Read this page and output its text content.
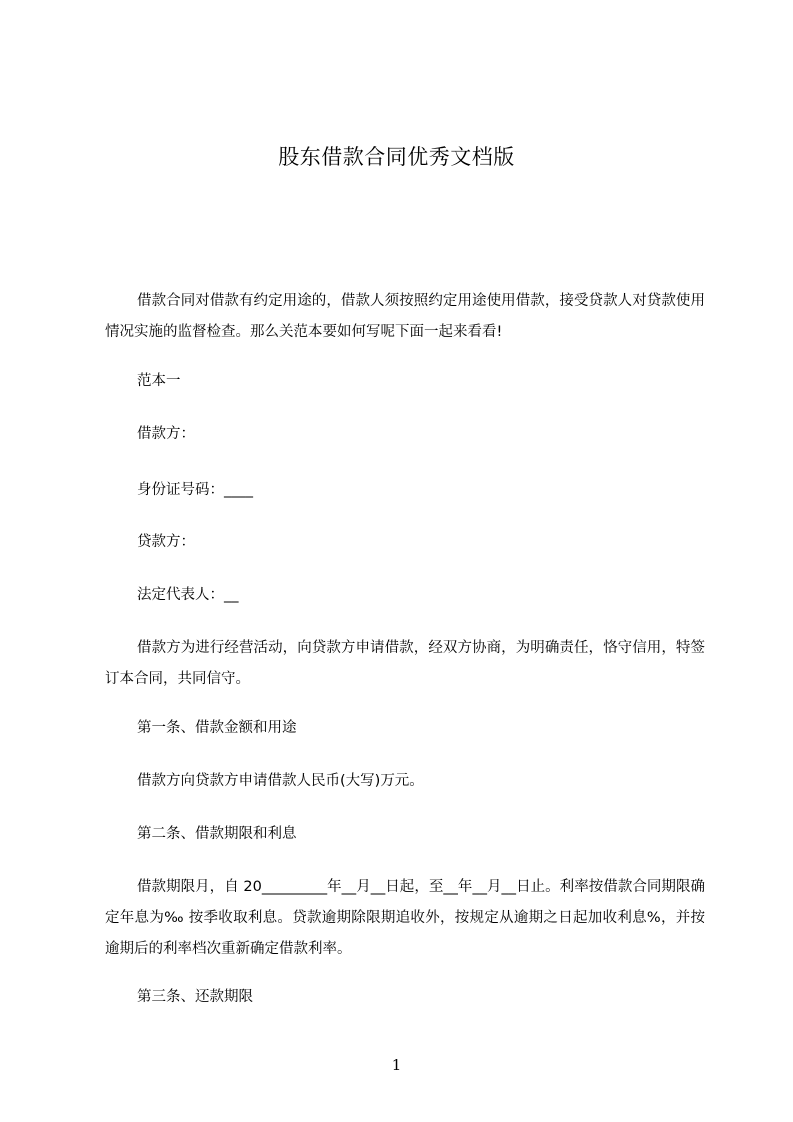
股东借款合同优秀文档版
借款合同对借款有约定用途的，借款人须按照约定用途使用借款，接受贷款人对贷款使用情况实施的监督检查。那么关范本要如何写呢下面一起来看看!
范本一
借款方：
身份证号码：____
贷款方：
法定代表人：__
借款方为进行经营活动，向贷款方申请借款，经双方协商，为明确责任，恪守信用，特签订本合同，共同信守。
第一条、借款金额和用途
借款方向贷款方申请借款人民币(大写)万元。
第二条、借款期限和利息
借款期限月，自 20_________年__月__日起，至__年__月__日止。利率按借款合同期限确定年息为‰ 按季收取利息。贷款逾期除限期追收外，按规定从逾期之日起加收利息%，并按逾期后的利率档次重新确定借款利率。
第三条、还款期限
1
